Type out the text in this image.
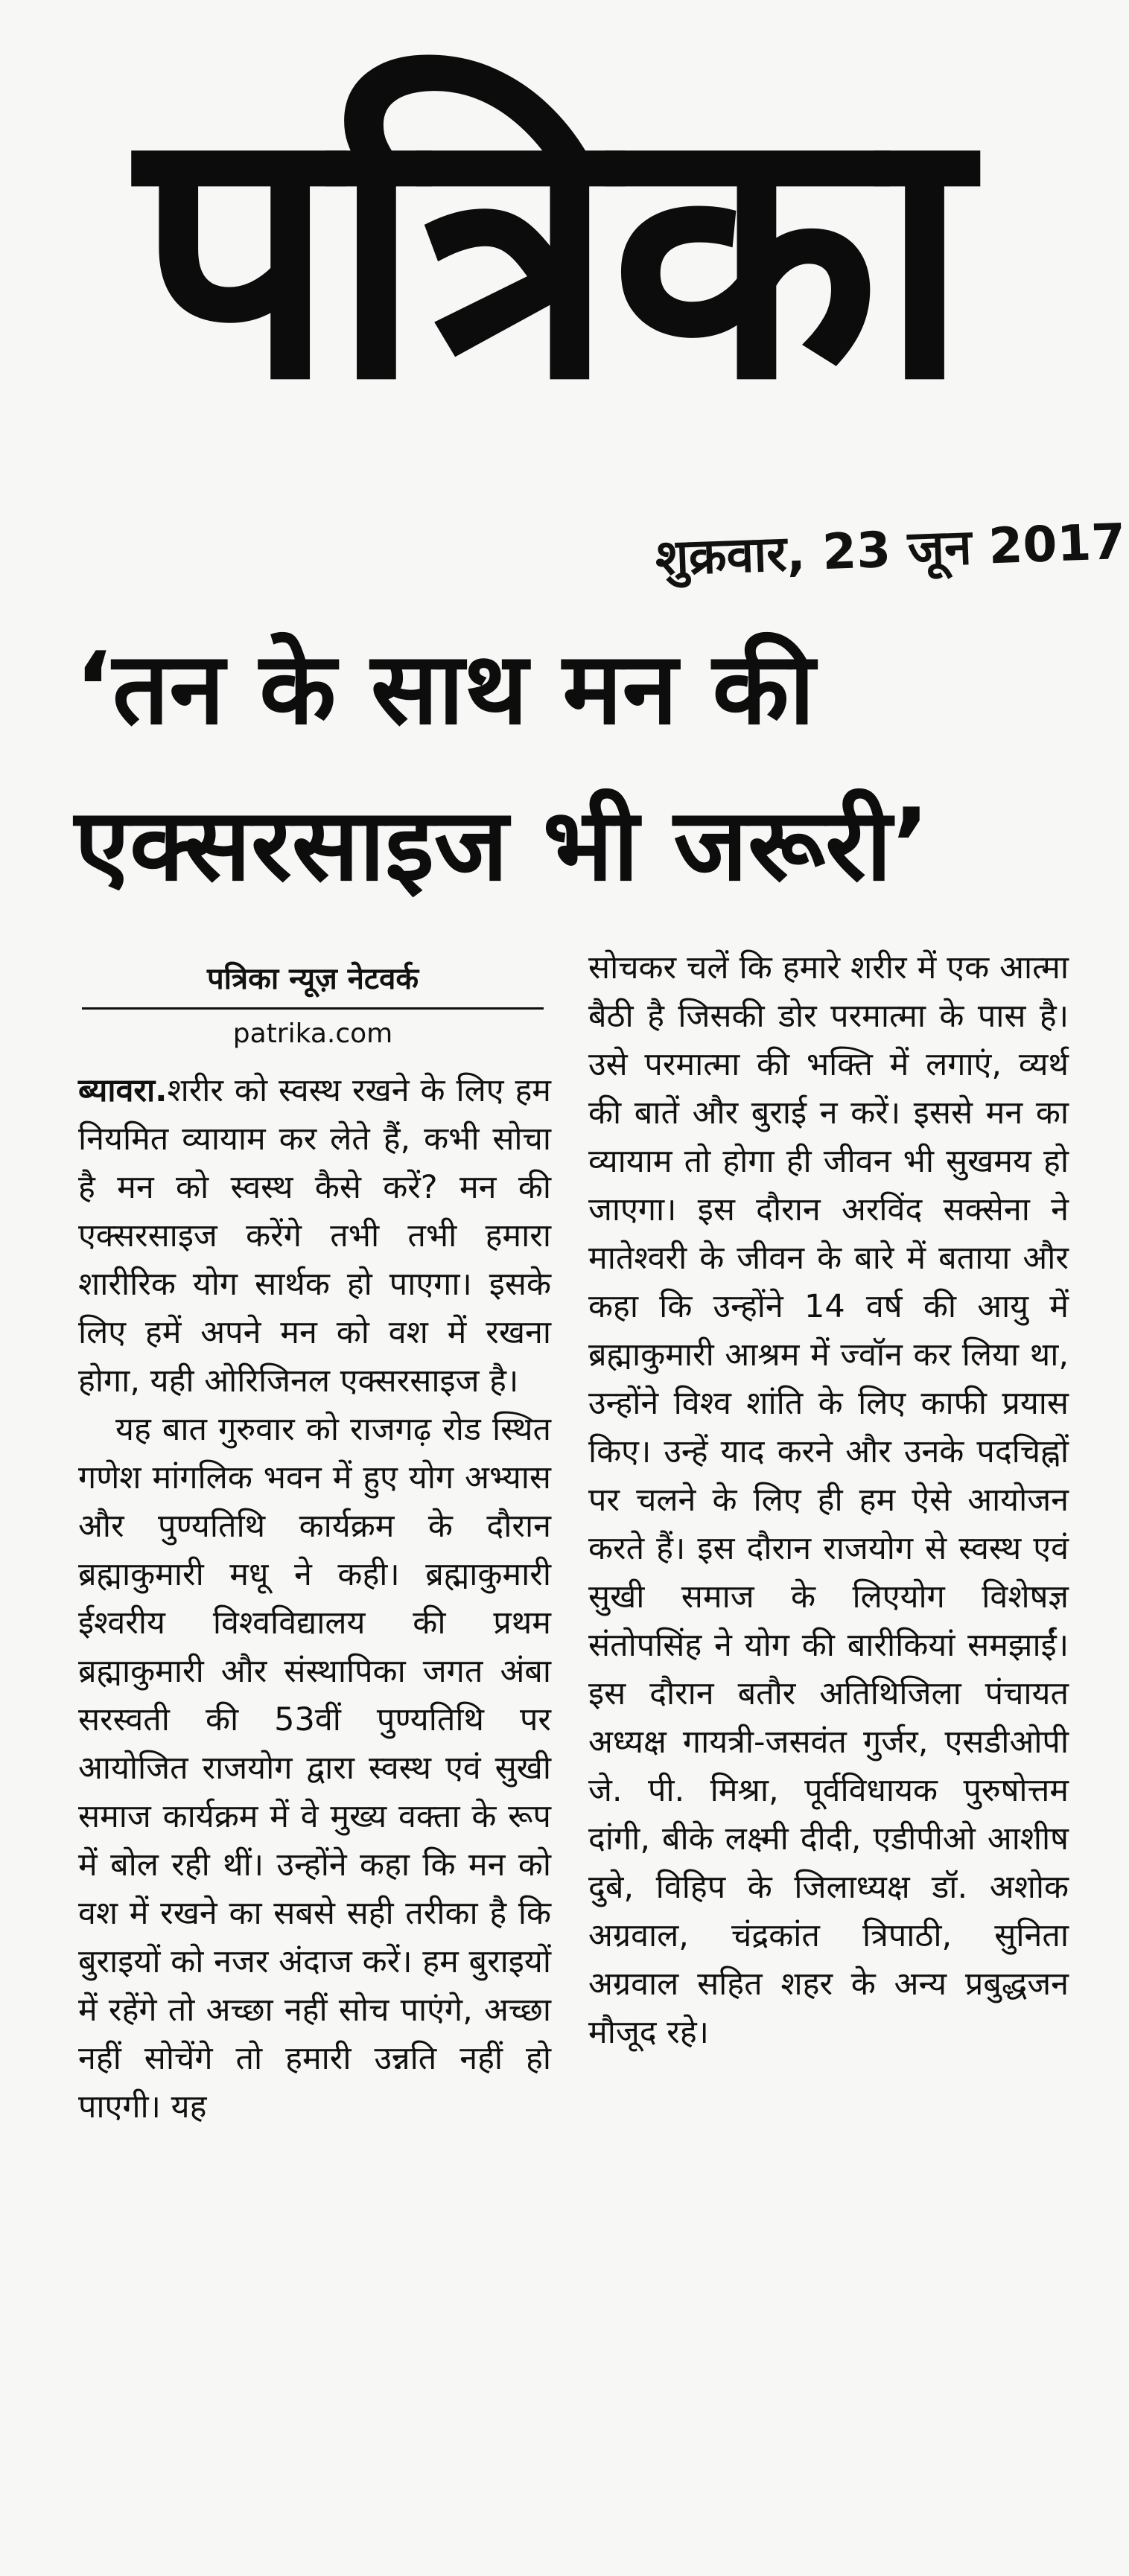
पत्रिका
शुक्रवार, 23 जून 2017
‘तन के साथ मन की
एक्सरसाइज भी जरूरी’
पत्रिका न्यूज़ नेटवर्क
patrika.com

ब्यावरा.शरीर को स्वस्थ रखने के लिए हम नियमित व्यायाम कर लेते हैं, कभी सोचा है मन को स्वस्थ कैसे करें? मन की एक्सरसाइज करेंगे तभी तभी हमारा शारीरिक योग सार्थक हो पाएगा। इसके लिए हमें अपने मन को वश में रखना होगा, यही ओरिजिनल एक्सरसाइज है।

यह बात गुरुवार को राजगढ़ रोड स्थित गणेश मांगलिक भवन में हुए योग अभ्यास और पुण्यतिथि कार्यक्रम के दौरान ब्रह्माकुमारी मधू ने कही। ब्रह्माकुमारी ईश्वरीय विश्वविद्यालय की प्रथम ब्रह्माकुमारी और संस्थापिका जगत अंबा सरस्वती की 53वीं पुण्यतिथि पर आयोजित राजयोग द्वारा स्वस्थ एवं सुखी समाज कार्यक्रम में वे मुख्य वक्ता के रूप में बोल रही थीं। उन्होंने कहा कि मन को वश में रखने का सबसे सही तरीका है कि बुराइयों को नजर अंदाज करें। हम बुराइयों में रहेंगे तो अच्छा नहीं सोच पाएंगे, अच्छा नहीं सोचेंगे तो हमारी उन्नति नहीं हो पाएगी। यह

सोचकर चलें कि हमारे शरीर में एक आत्मा बैठी है जिसकी डोर परमात्मा के पास है। उसे परमात्मा की भक्ति में लगाएं, व्यर्थ की बातें और बुराई न करें। इससे मन का व्यायाम तो होगा ही जीवन भी सुखमय हो जाएगा। इस दौरान अरविंद सक्सेना ने मातेश्वरी के जीवन के बारे में बताया और कहा कि उन्होंने 14 वर्ष की आयु में ब्रह्माकुमारी आश्रम में ज्वॉन कर लिया था, उन्होंने विश्व शांति के लिए काफी प्रयास किए। उन्हें याद करने और उनके पदचिह्नों पर चलने के लिए ही हम ऐसे आयोजन करते हैं। इस दौरान राजयोग से स्वस्थ एवं सुखी समाज के लिएयोग विशेषज्ञ संतोपसिंह ने योग की बारीकियां समझाईं। इस दौरान बतौर अतिथिजिला पंचायत अध्यक्ष गायत्री-जसवंत गुर्जर, एसडीओपी जे. पी. मिश्रा, पूर्वविधायक पुरुषोत्तम दांगी, बीके लक्ष्मी दीदी, एडीपीओ आशीष दुबे, विहिप के जिलाध्यक्ष डॉ. अशोक अग्रवाल, चंद्रकांत त्रिपाठी, सुनिता अग्रवाल सहित शहर के अन्य प्रबुद्धजन मौजूद रहे।
